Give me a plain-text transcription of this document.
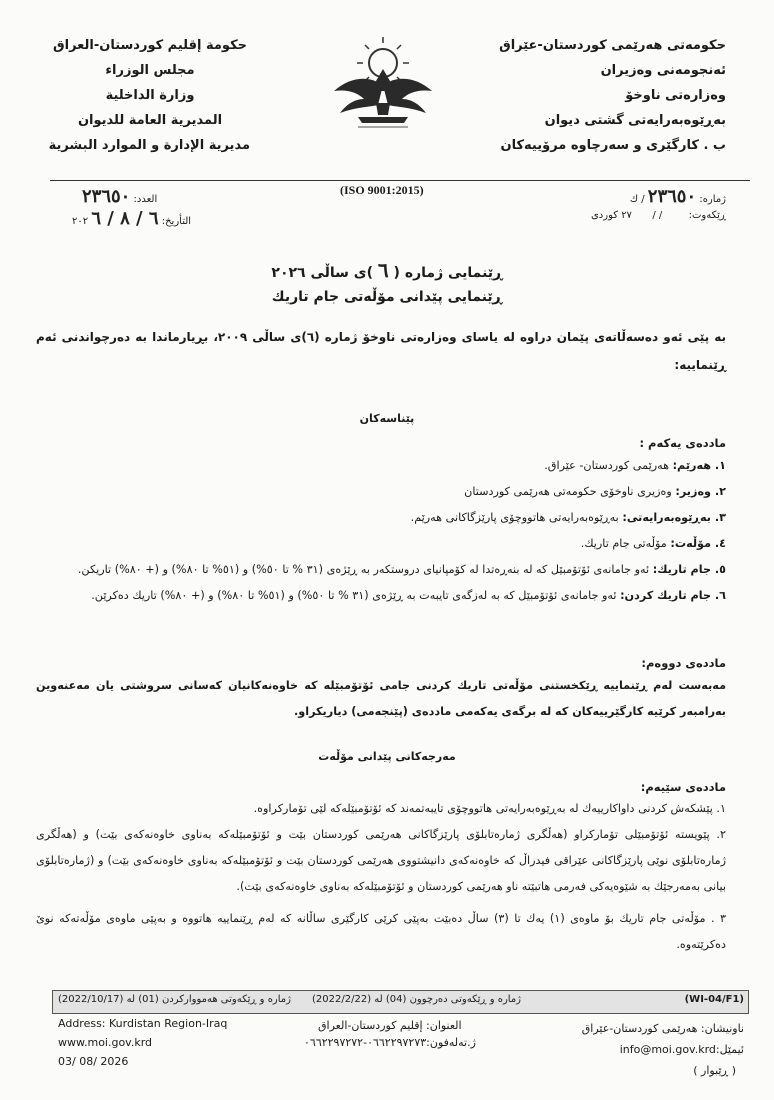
حکومەتی هەرێمی کوردستان-عێراق
ئەنجومەنی وەزیران
وەزارەتی ناوخۆ
بەڕێوەبەرایەتی گشتی دیوان
ب . کارگێری و سەرچاوە مرۆییەکان
حكومة إقليم كوردستان-العراق
مجلس الوزراء
وزارة الداخلية
المديرية العامة للديوان
مديرية الإدارة و الموارد البشرية
ژمارە: ٢٣٦٥٠ / ك
ڕێکەوت:  / /  ٢٧ کوردی
(ISO 9001:2015)
العدد: ٢٣٦٥٠
التأريخ: ٦ / ٨ / ٦ ٢٠٢
ڕێنمایی ژمارە ( ٦ )ی ساڵی ٢٠٢٦
ڕێنمایی پێدانی مۆڵەتی جام تاریك
بە پێی ئەو دەسەڵاتەی پێمان دراوە لە یاسای وەزارەتی ناوخۆ ژمارە (٦)ی ساڵی ٢٠٠٩، بڕیارماندا بە دەرچواندنی ئەم ڕێنماییە:
پێناسەکان
ماددەی یەکەم :
١. هەرێم: هەرێمی کوردستان- عێراق.
٢. وەزیر: وەزیری ناوخۆی حکومەتی هەرێمی کوردستان
٣. بەڕێوەبەرایەتی: بەڕێوەبەرایەتی هاتووچۆی پارێزگاکانی هەرێم.
٤. مۆڵەت: مۆڵەتی جام تاریك.
٥. جام تاریك: ئەو جامانەی ئۆتۆمبێل کە لە بنەڕەتدا لە کۆمپانیای دروستکەر بە ڕێژەی (٣١ % تا ٥٠%) و (٥١% تا ٨٠%) و (+ ٨٠%) تاریکن.
٦. جام تاریك کردن: ئەو جامانەی ئۆتۆمبێل کە بە لەزگەی تایبەت بە ڕێژەی (٣١ % تا ٥٠%) و (٥١% تا ٨٠%) و (+ ٨٠%) تاریك دەکرێن.
ماددەی دووەم:
مەبەست لەم ڕێنماییە ڕێکخستنی مۆڵەتی تاریك کردنی جامی ئۆتۆمبێلە کە خاوەنەکانیان کەسانی سروشتی یان مەعنەوین بەرامبەر کرێیە کارگێرییەکان کە لە برگەی یەکەمی ماددەی (پێنجەمی) دیاریکراو.
مەرجەکانی پێدانی مۆڵەت
ماددەی سێیەم:
١. پێشکەش کردنی داواکارییەك لە بەڕێوەبەرایەتی هاتووچۆی تایبەتمەند کە ئۆتۆمبێلەکە لێی تۆمارکراوە.
٢. پێویستە ئۆتۆمبێلی تۆمارکراو (هەڵگری ژمارەتابلۆی پارێزگاکانی هەرێمی کوردستان بێت و ئۆتۆمبێلەکە بەناوی خاوەنەکەی بێت) و (هەڵگری ژمارەتابلۆی نوێی پارێزگاکانی عێراقی فیدراڵ کە خاوەنەکەی دانیشتووی هەرێمی کوردستان بێت و ئۆتۆمبێلەکە بەناوی خاوەنەکەی بێت) و (ژمارەتابلۆی بیانی بەمەرجێك بە شێوەیەکی فەرمی هاتبێتە ناو هەرێمی کوردستان و ئۆتۆمبێلەکە بەناوی خاوەنەکەی بێت).
٣ . مۆڵەتی جام تاریك بۆ ماوەی (١) یەك تا (٣) ساڵ دەبێت بەپێی کرێی کارگێری ساڵانە کە لەم ڕێنماییە هاتووە و بەپێی ماوەی مۆڵەتەکە نوێ دەکرێتەوە.
(WI-04/F1)
ژمارە و ڕێکەوتی دەرچوون (04) لە (2022/2/22)
ژمارە و ڕێکەوتی هەمووارکردن (01) لە (2022/10/17)
Address: Kurdistan Region-Iraq
www.moi.gov.krd
03/ 08/ 2026
العنوان: إقليم كوردستان-العراق
ژ.تەلەفون:٠٦٦٢٢٩٧٢٧٣-٠٦٦٢٢٩٧٢٧٢
ناونیشان: هەرێمی کوردستان-عێراق
ئیمێل:info@moi.gov.krd
( ڕێبوار )
